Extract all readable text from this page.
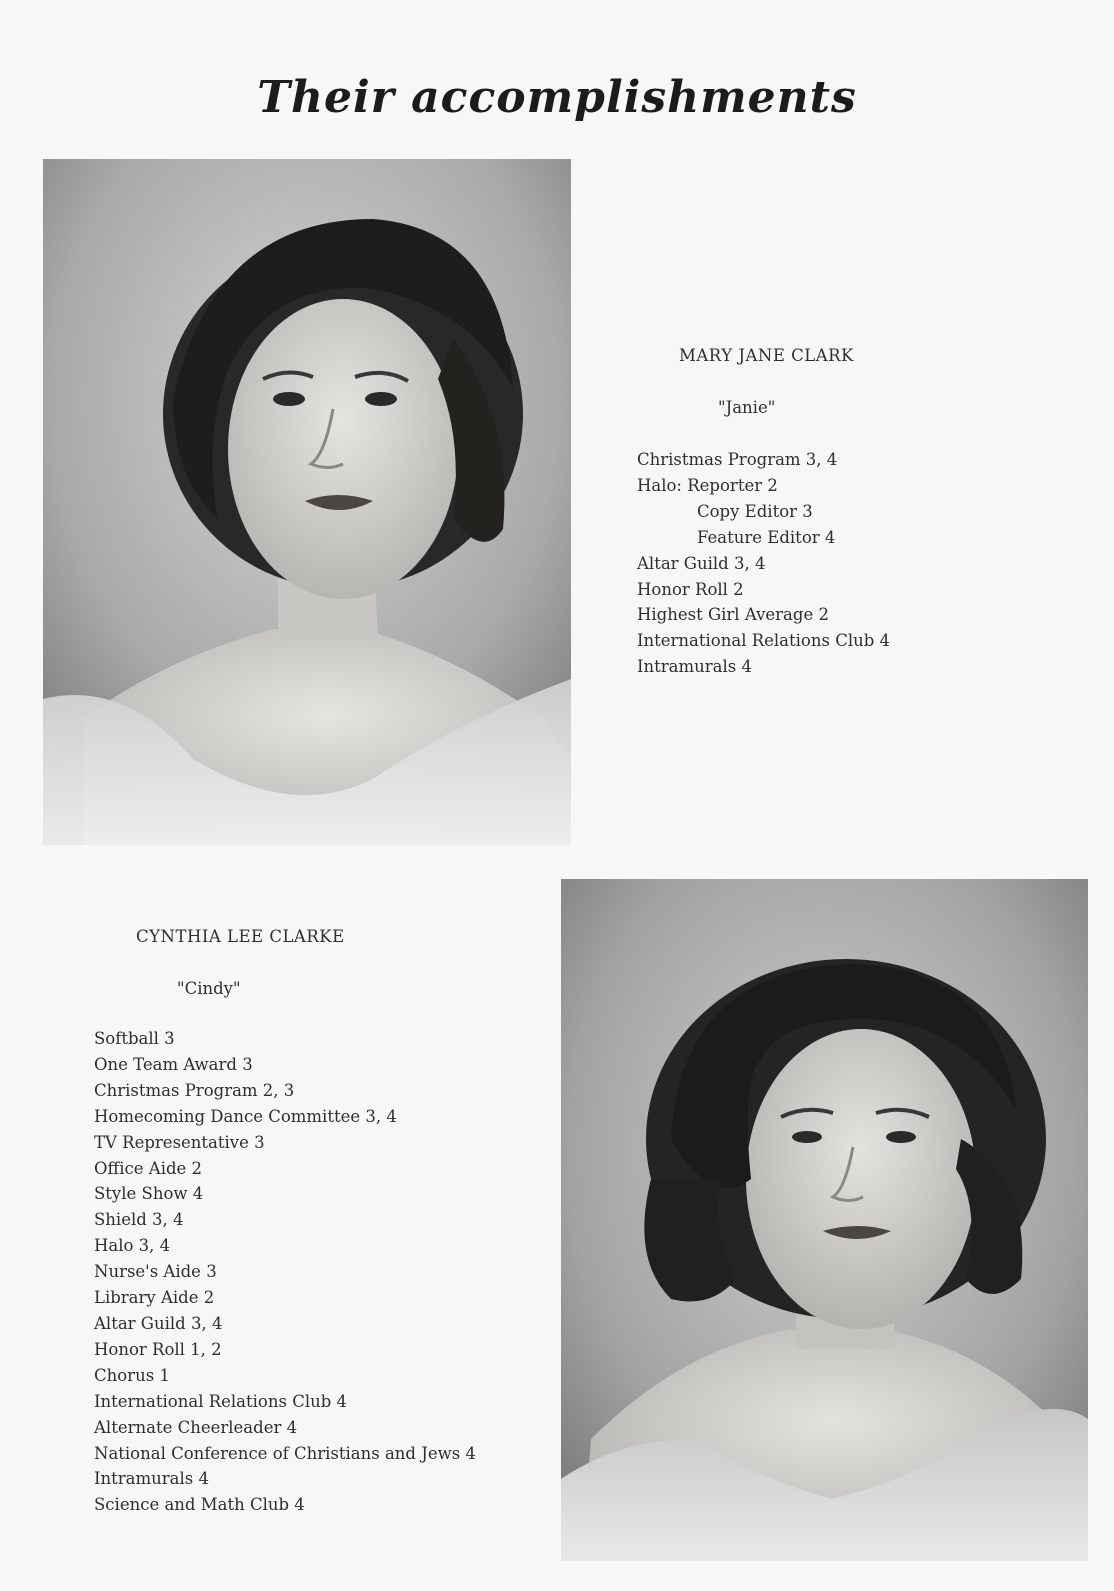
Their accomplishments
MARY JANE CLARK
"Janie"
Christmas Program 3, 4
Halo: Reporter 2
Copy Editor 3
Feature Editor 4
Altar Guild 3, 4
Honor Roll 2
Highest Girl Average 2
International Relations Club 4
Intramurals 4
CYNTHIA LEE CLARKE
"Cindy"
Softball 3
One Team Award 3
Christmas Program 2, 3
Homecoming Dance Committee 3, 4
TV Representative 3
Office Aide 2
Style Show 4
Shield 3, 4
Halo 3, 4
Nurse's Aide 3
Library Aide 2
Altar Guild 3, 4
Honor Roll 1, 2
Chorus 1
International Relations Club 4
Alternate Cheerleader 4
National Conference of Christians and Jews 4
Intramurals 4
Science and Math Club 4
